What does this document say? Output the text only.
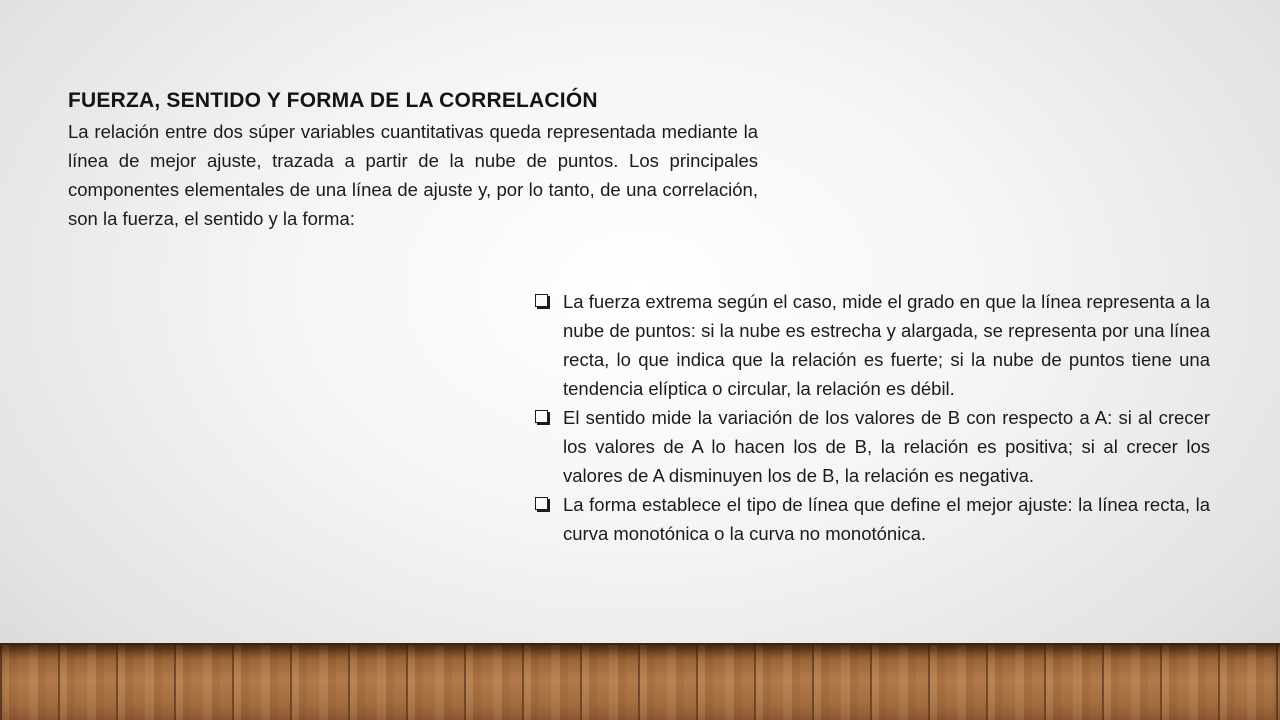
FUERZA, SENTIDO Y FORMA DE LA CORRELACIÓN

La relación entre dos súper variables cuantitativas queda representada mediante la línea de mejor ajuste, trazada a partir de la nube de puntos. Los principales componentes elementales de una línea de ajuste y, por lo tanto, de una correlación, son la fuerza, el sentido y la forma:

La fuerza extrema según el caso, mide el grado en que la línea representa a la nube de puntos: si la nube es estrecha y alargada, se representa por una línea recta, lo que indica que la relación es fuerte; si la nube de puntos tiene una tendencia elíptica o circular, la relación es débil.
El sentido mide la variación de los valores de B con respecto a A: si al crecer los valores de A lo hacen los de B, la relación es positiva; si al crecer los valores de A disminuyen los de B, la relación es negativa.
La forma establece el tipo de línea que define el mejor ajuste: la línea recta, la curva monotónica o la curva no monotónica.
